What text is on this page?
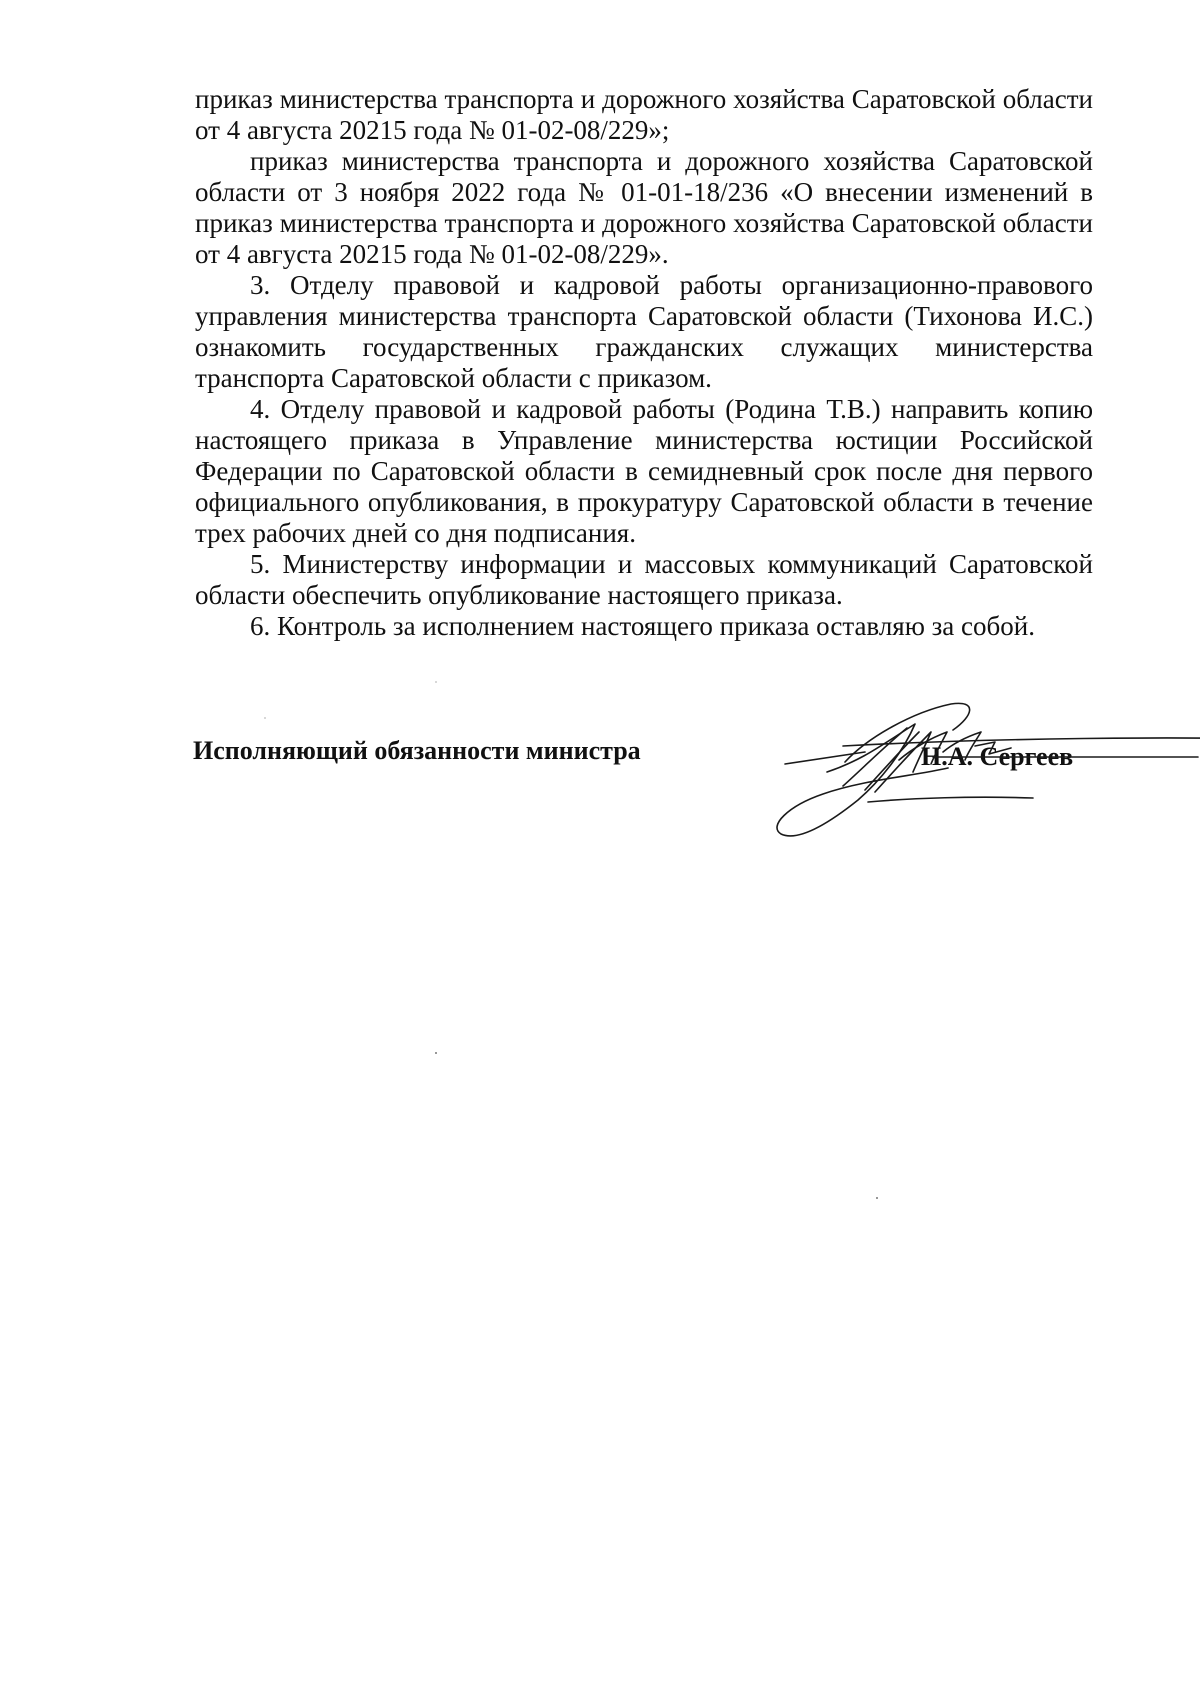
приказ министерства транспорта и дорожного хозяйства Саратовской области от 4 августа 20215 года № 01-02-08/229»;

приказ министерства транспорта и дорожного хозяйства Саратовской области от 3 ноября 2022 года № 01-01-18/236 «О внесении изменений в приказ министерства транспорта и дорожного хозяйства Саратовской области от 4 августа 20215 года № 01-02-08/229».

3. Отделу правовой и кадровой работы организационно-правового управления министерства транспорта Саратовской области (Тихонова И.С.) ознакомить государственных гражданских служащих министерства транспорта Саратовской области с приказом.

4. Отделу правовой и кадровой работы (Родина Т.В.) направить копию настоящего приказа в Управление министерства юстиции Российской Федерации по Саратовской области в семидневный срок после дня первого официального опубликования, в прокуратуру Саратовской области в течение трех рабочих дней со дня подписания.

5. Министерству информации и массовых коммуникаций Саратовской области обеспечить опубликование настоящего приказа.

6. Контроль за исполнением настоящего приказа оставляю за собой.

Исполняющий обязанности министра	Н.А. Сергеев
